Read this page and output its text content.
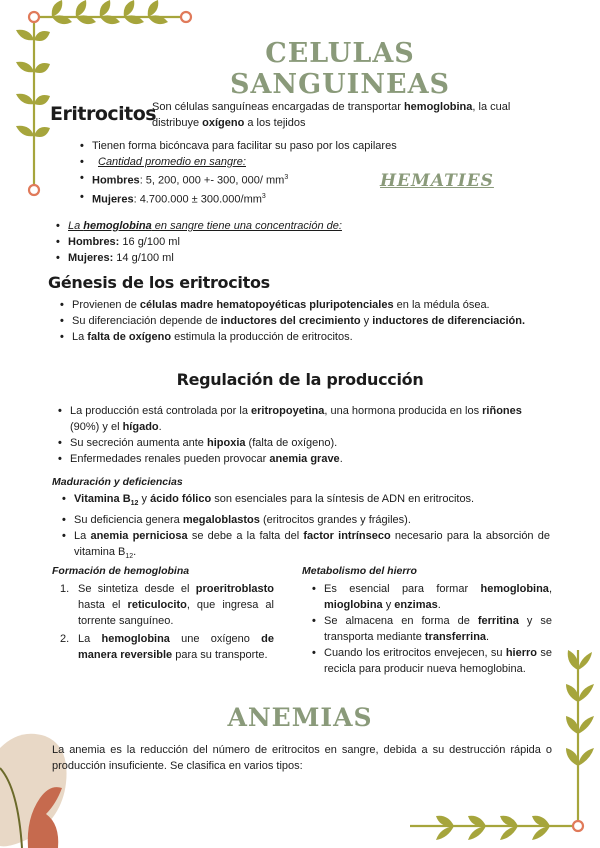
CELULAS SANGUINEAS
Eritrocitos
Son células sanguíneas encargadas de transportar hemoglobina, la cual distribuye oxígeno a los tejidos
• Tienen forma bicóncava para facilitar su paso por los capilares
• Cantidad promedio en sangre:
• Hombres: 5, 200, 000 +- 300, 000/ $mm^3$
• Mujeres: $4.700.000 \pm 300.000/mm^3$
HEMATIES
• La hemoglobina en sangre tiene una concentración de:
• Hombres: 16 g/100 ml
• Mujeres: 14 g/100 ml
Génesis de los eritrocitos
• Provienen de células madre hematopoyéticas pluripotenciales en la médula ósea.
• Su diferenciación depende de inductores del crecimiento y inductores de diferenciación.
• La falta de oxígeno estimula la producción de eritrocitos.
Regulación de la producción
• La producción está controlada por la eritropoyetina, una hormona producida en los riñones (90%) y el hígado.
• Su secreción aumenta ante hipoxia (falta de oxígeno).
• Enfermedades renales pueden provocar anemia grave.
Maduración y deficiencias
• Vitamina $B_{12}$ y ácido fólico son esenciales para la síntesis de ADN en eritrocitos.
• Su deficiencia genera megaloblastos (eritrocitos grandes y frágiles).
• La anemia perniciosa se debe a la falta del factor intrínseco necesario para la absorción de vitamina $B_{12}$.
Formación de hemoglobina
1. Se sintetiza desde el proeritroblasto hasta el reticulocito, que ingresa al torrente sanguíneo.
2. La hemoglobina une oxígeno de manera reversible para su transporte.
Metabolismo del hierro
• Es esencial para formar hemoglobina, mioglobina y enzimas.
• Se almacena en forma de ferritina y se transporta mediante transferrina.
• Cuando los eritrocitos envejecen, su hierro se recicla para producir nueva hemoglobina.
ANEMIAS
La anemia es la reducción del número de eritrocitos en sangre, debida a su destrucción rápida o producción insuficiente. Se clasifica en varios tipos:
